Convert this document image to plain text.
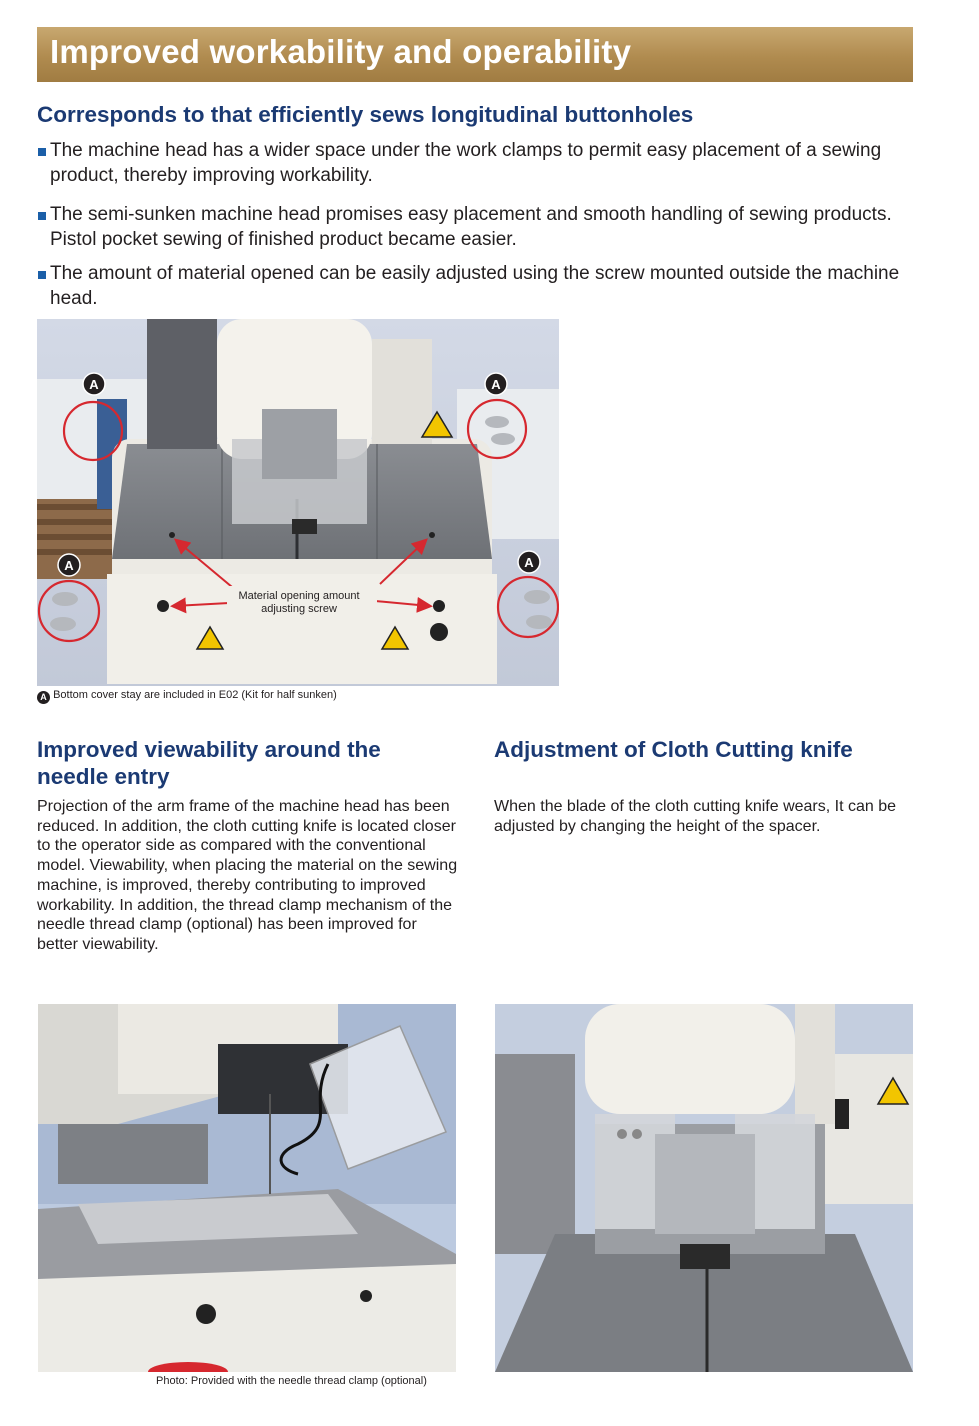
Improved workability and operability
Corresponds to that efficiently sews longitudinal buttonholes
The machine head has a wider space under the work clamps to permit easy placement of a sewing product, thereby improving workability.
The semi-sunken machine head promises easy placement and smooth handling of sewing products. Pistol pocket sewing of finished product became easier.
The amount of material opened can be easily adjusted using the screw mounted outside the machine head.
A	A
A	A
Material opening amount
adjusting screw
A Bottom cover stay are included in E02 (Kit for half sunken)
Improved viewability around the
needle entry
Projection of the arm frame of the machine head has been reduced. In addition, the cloth cutting knife is located closer to the operator side as compared with the conventional model. Viewability, when placing the material on the sewing machine, is improved, thereby contributing to improved workability. In addition, the thread clamp mechanism of the needle thread clamp (optional) has been improved for better viewability.
Adjustment of Cloth Cutting knife
When the blade of the cloth cutting knife wears, It can be adjusted by changing the height of the spacer.
Photo: Provided with the needle thread clamp (optional)
